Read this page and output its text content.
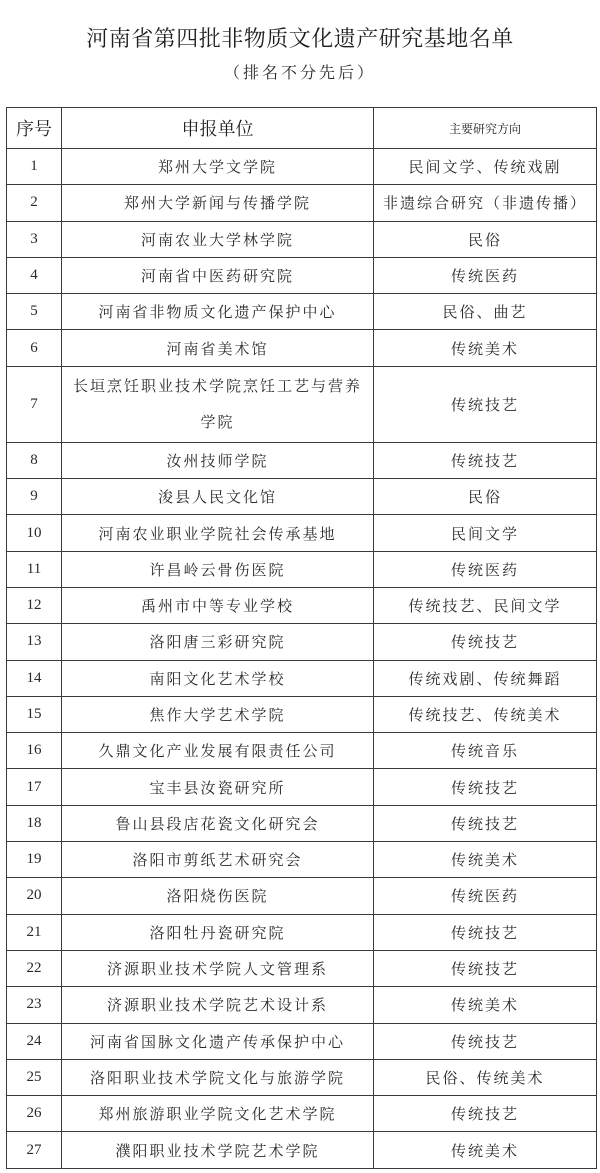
河南省第四批非物质文化遗产研究基地名单
（排名不分先后）
序号	申报单位	主要研究方向
1	郑州大学文学院	民间文学、传统戏剧
2	郑州大学新闻与传播学院	非遗综合研究（非遗传播）
3	河南农业大学林学院	民俗
4	河南省中医药研究院	传统医药
5	河南省非物质文化遗产保护中心	民俗、曲艺
6	河南省美术馆	传统美术
7	长垣烹饪职业技术学院烹饪工艺与营养学院	传统技艺
8	汝州技师学院	传统技艺
9	浚县人民文化馆	民俗
10	河南农业职业学院社会传承基地	民间文学
11	许昌岭云骨伤医院	传统医药
12	禹州市中等专业学校	传统技艺、民间文学
13	洛阳唐三彩研究院	传统技艺
14	南阳文化艺术学校	传统戏剧、传统舞蹈
15	焦作大学艺术学院	传统技艺、传统美术
16	久鼎文化产业发展有限责任公司	传统音乐
17	宝丰县汝瓷研究所	传统技艺
18	鲁山县段店花瓷文化研究会	传统技艺
19	洛阳市剪纸艺术研究会	传统美术
20	洛阳烧伤医院	传统医药
21	洛阳牡丹瓷研究院	传统技艺
22	济源职业技术学院人文管理系	传统技艺
23	济源职业技术学院艺术设计系	传统美术
24	河南省国脉文化遗产传承保护中心	传统技艺
25	洛阳职业技术学院文化与旅游学院	民俗、传统美术
26	郑州旅游职业学院文化艺术学院	传统技艺
27	濮阳职业技术学院艺术学院	传统美术
